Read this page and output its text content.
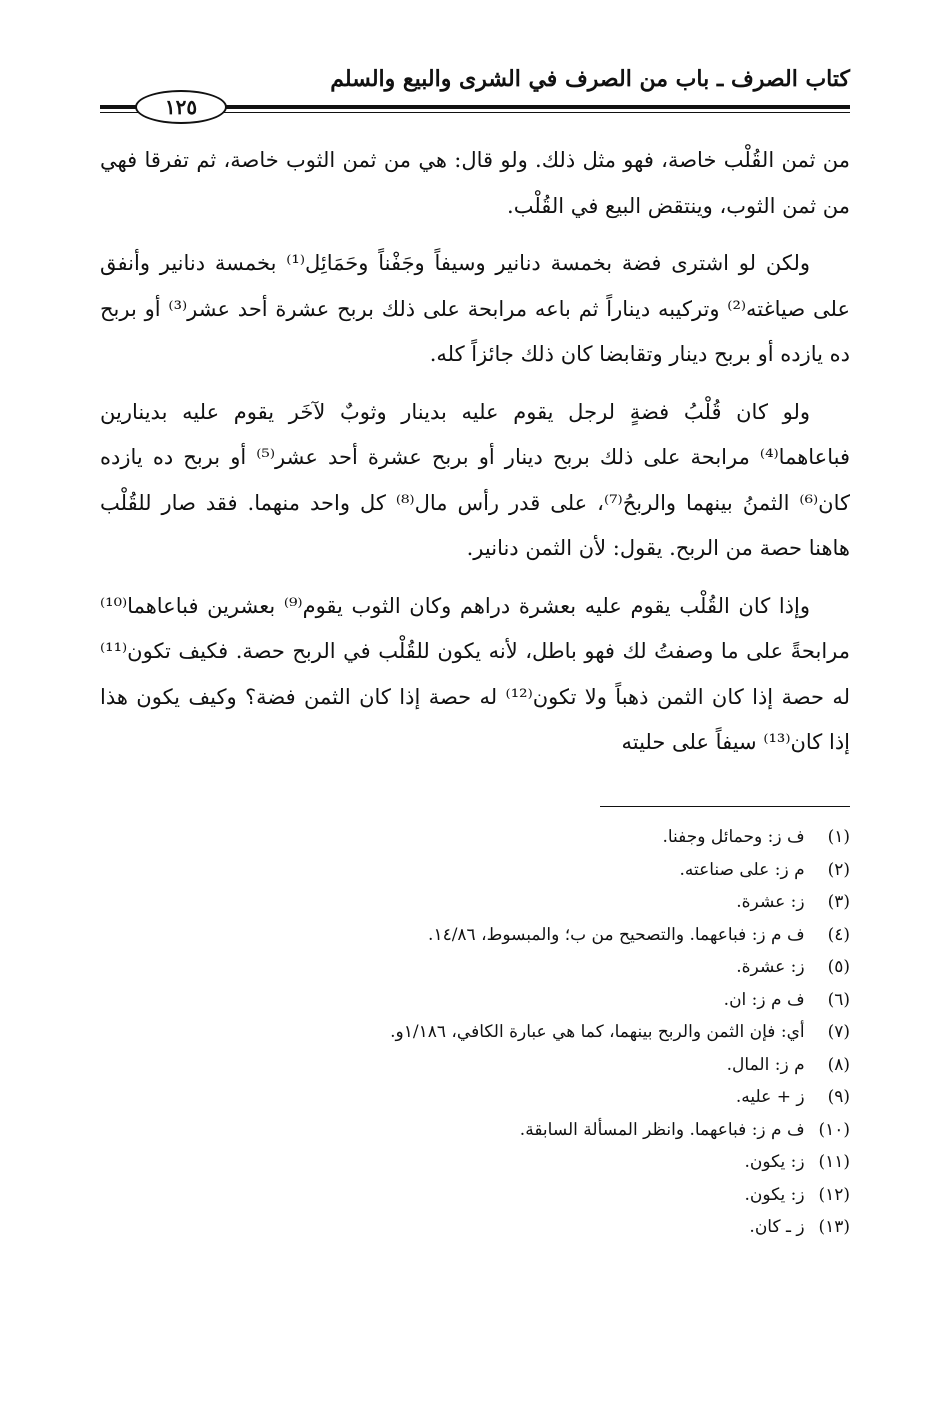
كتاب الصرف ـ باب من الصرف في الشرى والبيع والسلم
١٢٥

من ثمن القُلْب خاصة، فهو مثل ذلك. ولو قال: هي من ثمن الثوب خاصة، ثم تفرقا فهي من ثمن الثوب، وينتقض البيع في القُلْب.

ولكن لو اشترى فضة بخمسة دنانير وسيفاً وجَفْناً وحَمَائِل⁽¹⁾ بخمسة دنانير وأنفق على صياغته⁽²⁾ وتركيبه ديناراً ثم باعه مرابحة على ذلك بربح عشرة أحد عشر⁽³⁾ أو بربح ده يازده أو بربح دينار وتقابضا كان ذلك جائزاً كله.

ولو كان قُلْبُ فضةٍ لرجل يقوم عليه بدينار وثوبٌ لآخَر يقوم عليه بدينارين فباعاهما⁽⁴⁾ مرابحة على ذلك بربح دينار أو بربح عشرة أحد عشر⁽⁵⁾ أو بربح ده يازده كان⁽⁶⁾ الثمنُ بينهما والربحُ⁽⁷⁾، على قدر رأس مال⁽⁸⁾ كل واحد منهما. فقد صار للقُلْب هاهنا حصة من الربح. يقول: لأن الثمن دنانير.

وإذا كان القُلْب يقوم عليه بعشرة دراهم وكان الثوب يقوم⁽⁹⁾ بعشرين فباعاهما⁽¹⁰⁾ مرابحةً على ما وصفتُ لك فهو باطل، لأنه يكون للقُلْب في الربح حصة. فكيف تكون⁽¹¹⁾ له حصة إذا كان الثمن ذهباً ولا تكون⁽¹²⁾ له حصة إذا كان الثمن فضة؟ وكيف يكون هذا إذا كان⁽¹³⁾ سيفاً على حليته

(١) ف ز: وحمائل وجفنا.
(٢) م ز: على صناعته.
(٣) ز: عشرة.
(٤) ف م ز: فباعهما. والتصحيح من ب؛ والمبسوط، ١٤/٨٦.
(٥) ز: عشرة.
(٦) ف م ز: ان.
(٧) أي: فإن الثمن والربح بينهما، كما هي عبارة الكافي، ١/١٨٦و.
(٨) م ز: المال.
(٩) ز + عليه.
(١٠) ف م ز: فباعهما. وانظر المسألة السابقة.
(١١) ز: يكون.
(١٢) ز: يكون.
(١٣) ز ـ كان.
